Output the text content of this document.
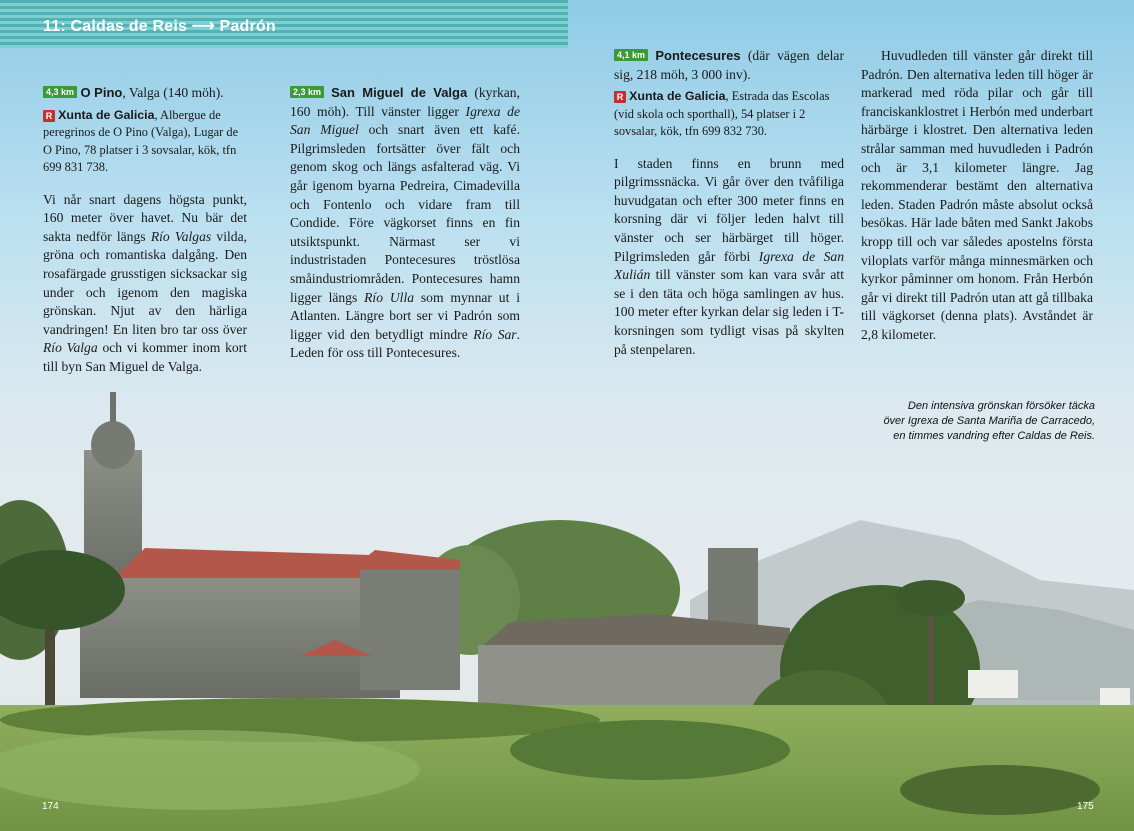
11: Caldas de Reis ⟶ Padrón

4,3 km O Pino, Valga (140 möh).

R Xunta de Galicia, Albergue de peregrinos de O Pino (Valga), Lugar de O Pino, 78 platser i 3 sovsalar, kök, tfn 699 831 738.

Vi når snart dagens högsta punkt, 160 meter över havet. Nu bär det sakta nedför längs Río Valgas vilda, gröna och romantiska dalgång. Den rosafärgade grusstigen sicksackar sig under och igenom den magiska grönskan. Njut av den härliga vandringen! En liten bro tar oss över Río Valga och vi kommer inom kort till byn San Miguel de Valga.

2,3 km San Miguel de Valga (kyrkan, 160 möh). Till vänster ligger Igrexa de San Miguel och snart även ett kafé. Pilgrimsleden fortsätter över fält och genom skog och längs asfalterad väg. Vi går igenom byarna Pedreira, Cimadevilla och Fontenlo och vidare fram till Condide. Före vägkorset finns en fin utsiktspunkt. Närmast ser vi industristaden Pontecesures tröstlösa småindustriområden. Pontecesures hamn ligger längs Río Ulla som mynnar ut i Atlanten. Längre bort ser vi Padrón som ligger vid den betydligt mindre Río Sar. Leden för oss till Pontecesures.

4,1 km Pontecesures (där vägen delar sig, 218 möh, 3 000 inv).

R Xunta de Galicia, Estrada das Escolas (vid skola och sporthall), 54 platser i 2 sovsalar, kök, tfn 699 832 730.

I staden finns en brunn med pilgrimssnäcka. Vi går över den tvåfiliga huvudgatan och efter 300 meter finns en korsning där vi följer leden halvt till vänster och ser härbärget till höger. Pilgrimsleden går förbi Igrexa de San Xulián till vänster som kan vara svår att se i den täta och höga samlingen av hus. 100 meter efter kyrkan delar sig leden i T-korsningen som tydligt visas på skylten på stenpelaren.

Huvudleden till vänster går direkt till Padrón. Den alternativa leden till höger är markerad med röda pilar och går till franciskanklostret i Herbón med underbart härbärge i klostret. Den alternativa leden strålar samman med huvudleden i Padrón och är 3,1 kilometer längre. Jag rekommenderar bestämt den alternativa leden. Staden Padrón måste absolut också besökas. Här lade båten med Sankt Jakobs kropp till och var således apostelns första viloplats varför många minnesmärken och kyrkor påminner om honom. Från Herbón går vi direkt till Padrón utan att gå tillbaka till vägkorset (denna plats). Avståndet är 2,8 kilometer.

Den intensiva grönskan försöker täcka
över Igrexa de Santa Mariña de Carracedo,
en timmes vandring efter Caldas de Reis.
174	175
